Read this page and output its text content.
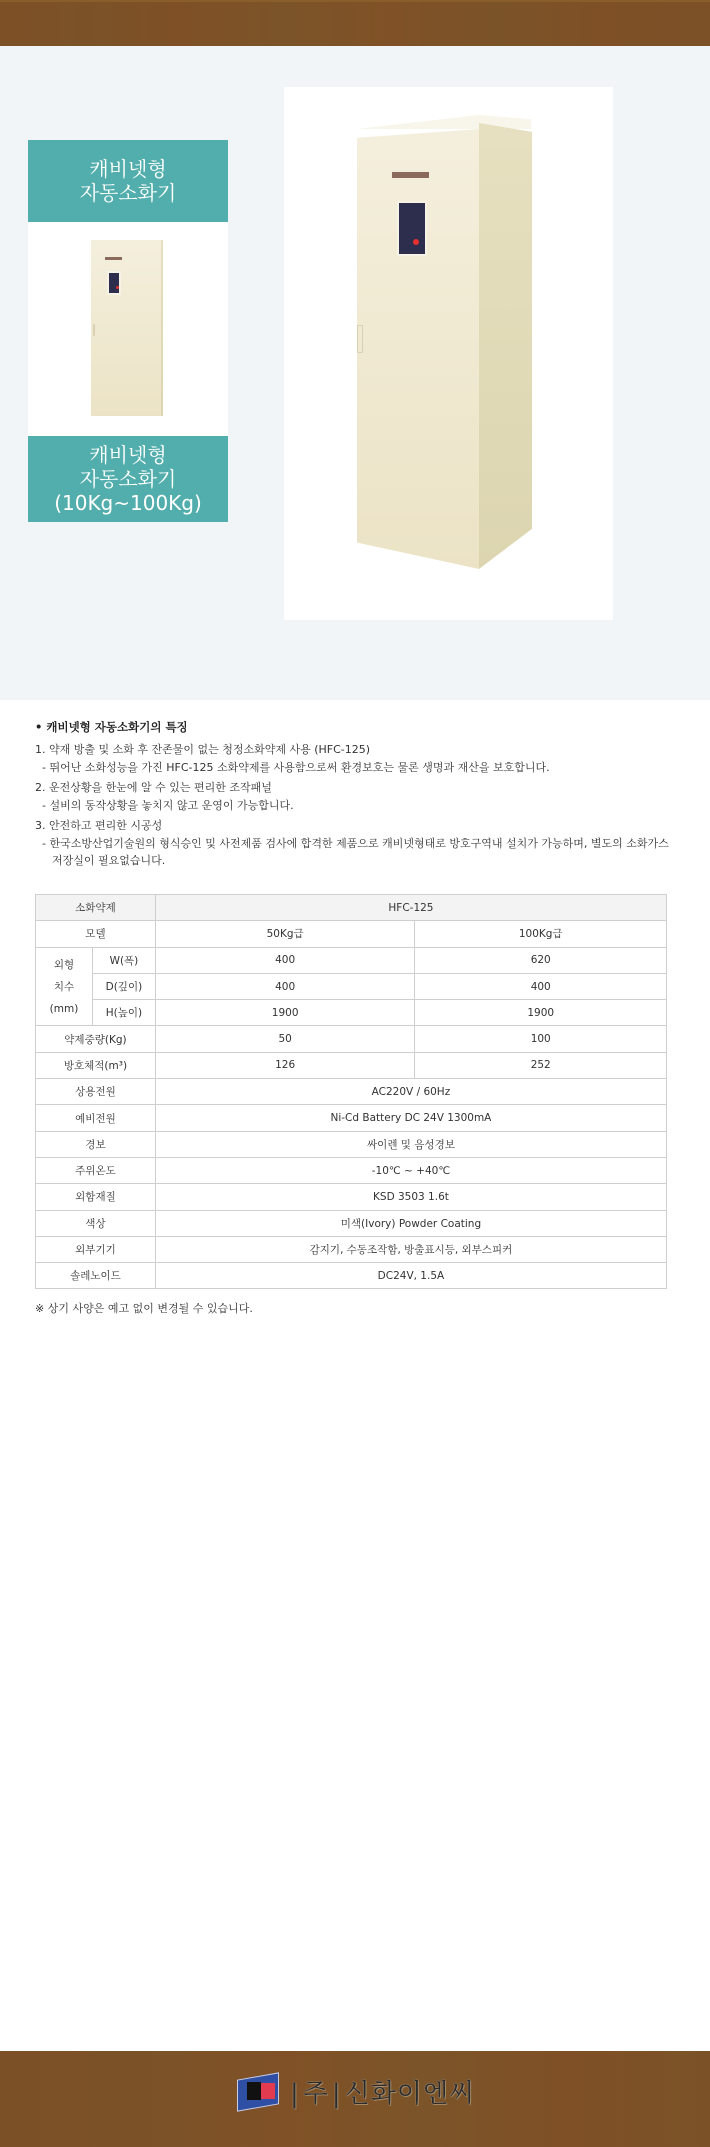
캐비넷형
자동소화기
캐비넷형
자동소화기
(10Kg~100Kg)
• 캐비넷형 자동소화기의 특징
1. 약재 방출 및 소화 후 잔존물이 없는 청정소화약제 사용 (HFC-125)
- 뛰어난 소화성능을 가진 HFC-125 소화약제를 사용함으로써 환경보호는 물론 생명과 재산을 보호합니다.
2. 운전상황을 한눈에 알 수 있는 편리한 조작패널
- 설비의 동작상황을 놓치지 않고 운영이 가능합니다.
3. 안전하고 편리한 시공성
- 한국소방산업기술원의 형식승인 및 사전제품 검사에 합격한 제품으로 캐비넷형태로 방호구역내 설치가 가능하며, 별도의 소화가스
저장실이 필요없습니다.
소화약제		HFC-125	
모델		50Kg급	100Kg급

외형
치수(mm)	W(폭)	400	620
	D(깊이)	400	400
	H(높이)	1900	1900
약제중량(Kg)		50	100
방호체적(m³)		126	252
상용전원		AC220V / 60Hz	
예비전원		Ni-Cd Battery DC 24V 1300mA	
경보		싸이렌 및 음성경보	
주위온도		-10℃ ~ +40℃	
외함재질		KSD 3503 1.6t	
색상		미색(Ivory) Powder Coating	
외부기기		감지기, 수동조작함, 방출표시등, 외부스피커	
솔레노이드		DC24V, 1.5A	
※ 상기 사양은 예고 없이 변경될 수 있습니다.
| 주 | 신화이엔씨
